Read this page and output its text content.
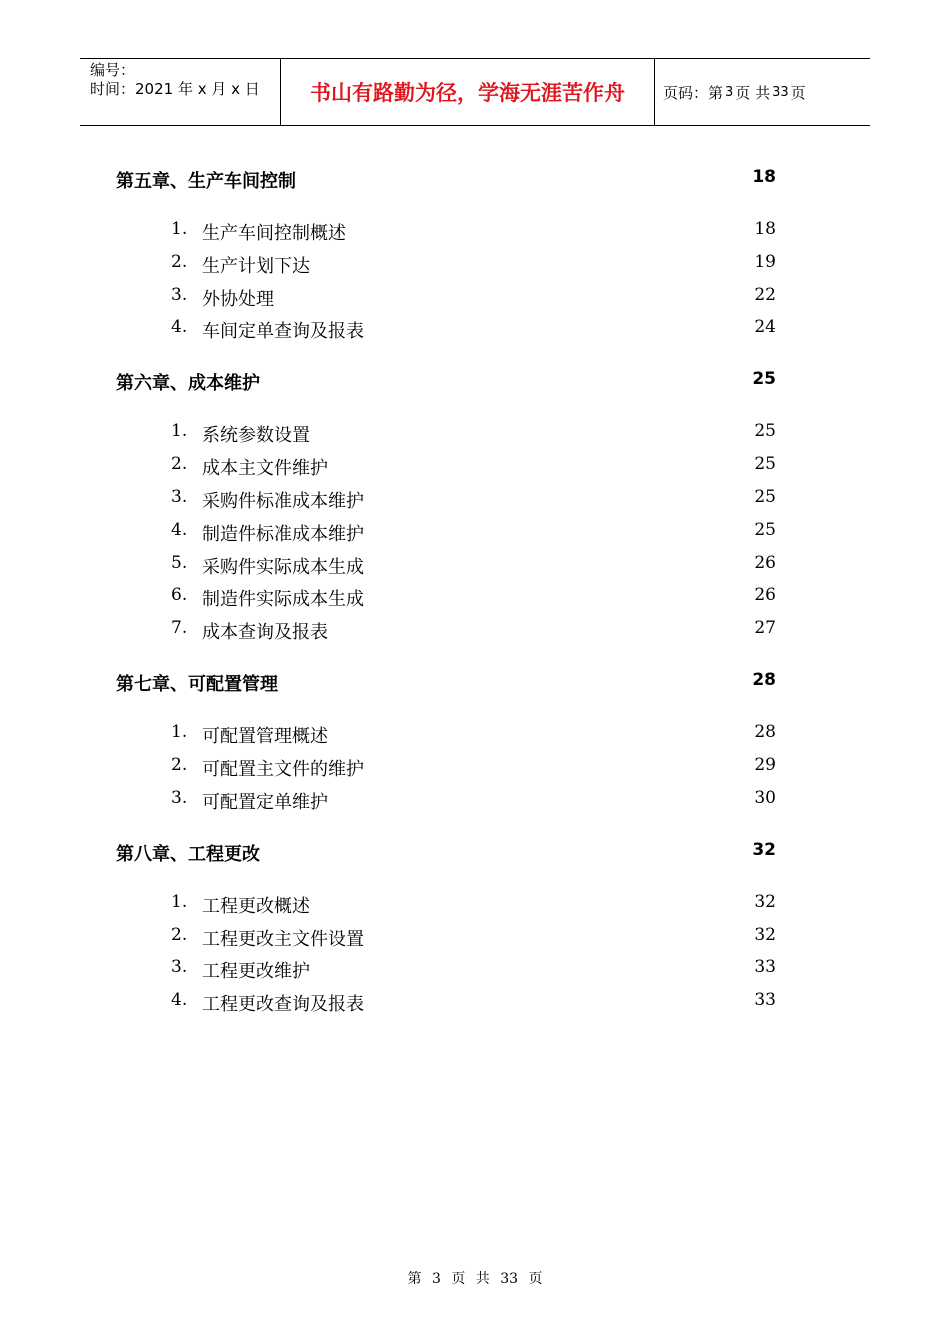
编号：
时间：2021 年 x 月 x 日	书山有路勤为径，学海无涯苦作舟	页码：第 3 页 共 33 页
第五章、生产车间控制	18
1. 生产车间控制概述	18
2. 生产计划下达	19
3. 外协处理	22
4. 车间定单查询及报表	24
第六章、成本维护	25
1. 系统参数设置	25
2. 成本主文件维护	25
3. 采购件标准成本维护	25
4. 制造件标准成本维护	25
5. 采购件实际成本生成	26
6. 制造件实际成本生成	26
7. 成本查询及报表	27
第七章、可配置管理	28
1. 可配置管理概述	28
2. 可配置主文件的维护	29
3. 可配置定单维护	30
第八章、工程更改	32
1. 工程更改概述	32
2. 工程更改主文件设置	32
3. 工程更改维护	33
4. 工程更改查询及报表	33
第 3 页 共 33 页
